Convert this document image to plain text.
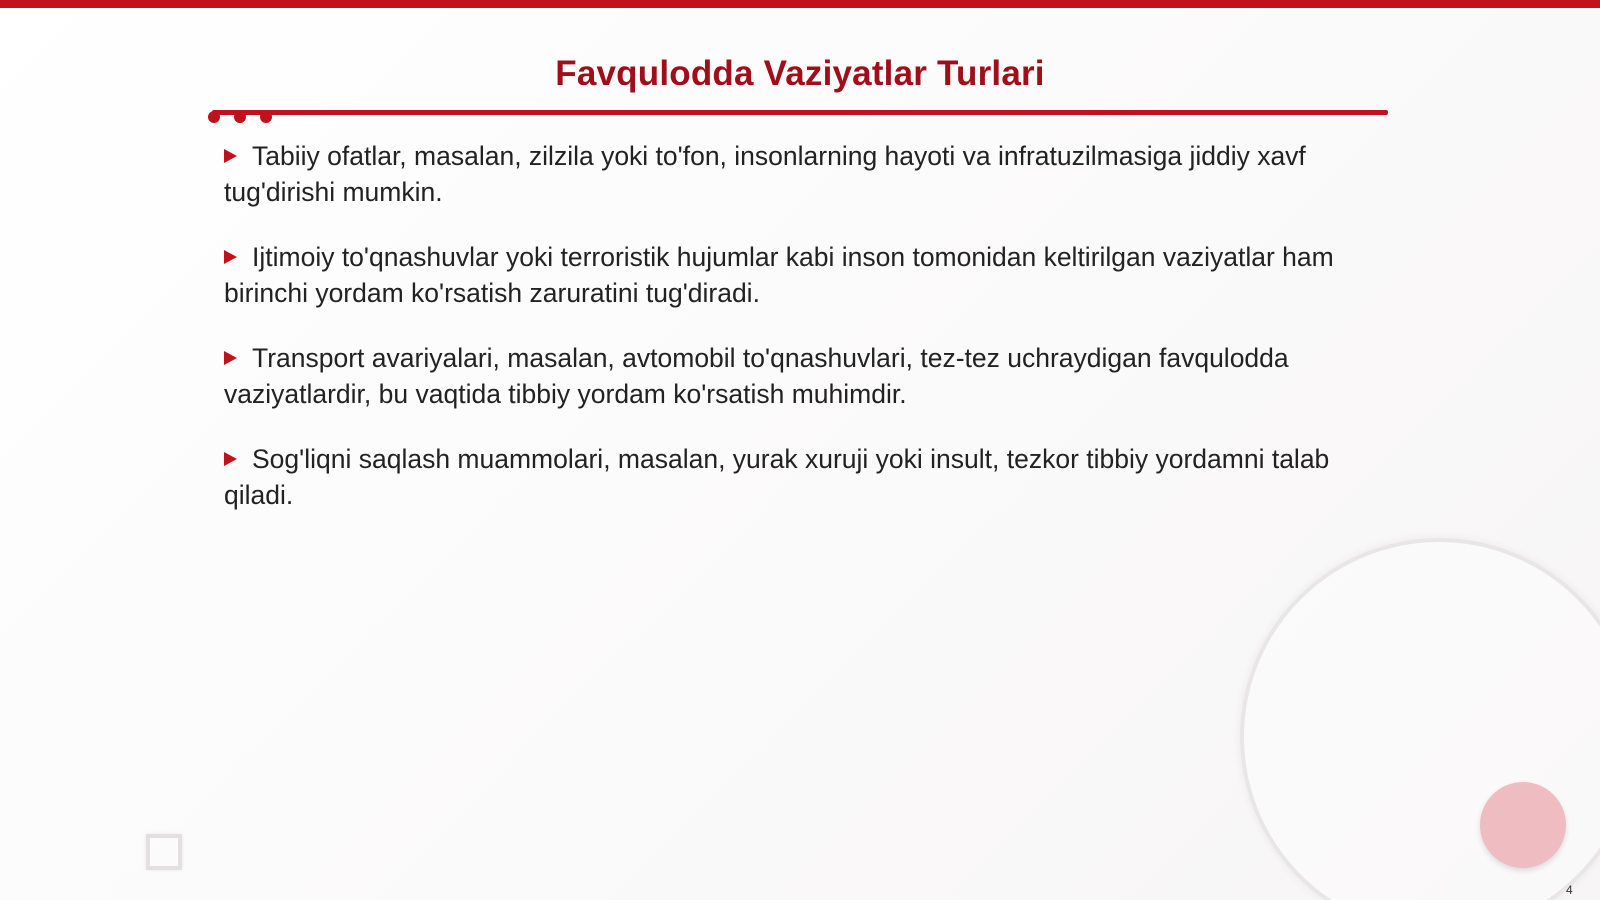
Favqulodda Vaziyatlar Turlari
Tabiiy ofatlar, masalan, zilzila yoki to'fon, insonlarning hayoti va infratuzilmasiga jiddiy xavf tug'dirishi mumkin.
Ijtimoiy to'qnashuvlar yoki terroristik hujumlar kabi inson tomonidan keltirilgan vaziyatlar ham birinchi yordam ko'rsatish zaruratini tug'diradi.
Transport avariyalari, masalan, avtomobil to'qnashuvlari, tez-tez uchraydigan favqulodda vaziyatlardir, bu vaqtida tibbiy yordam ko'rsatish muhimdir.
Sog'liqni saqlash muammolari, masalan, yurak xuruji yoki insult, tezkor tibbiy yordamni talab qiladi.
4
